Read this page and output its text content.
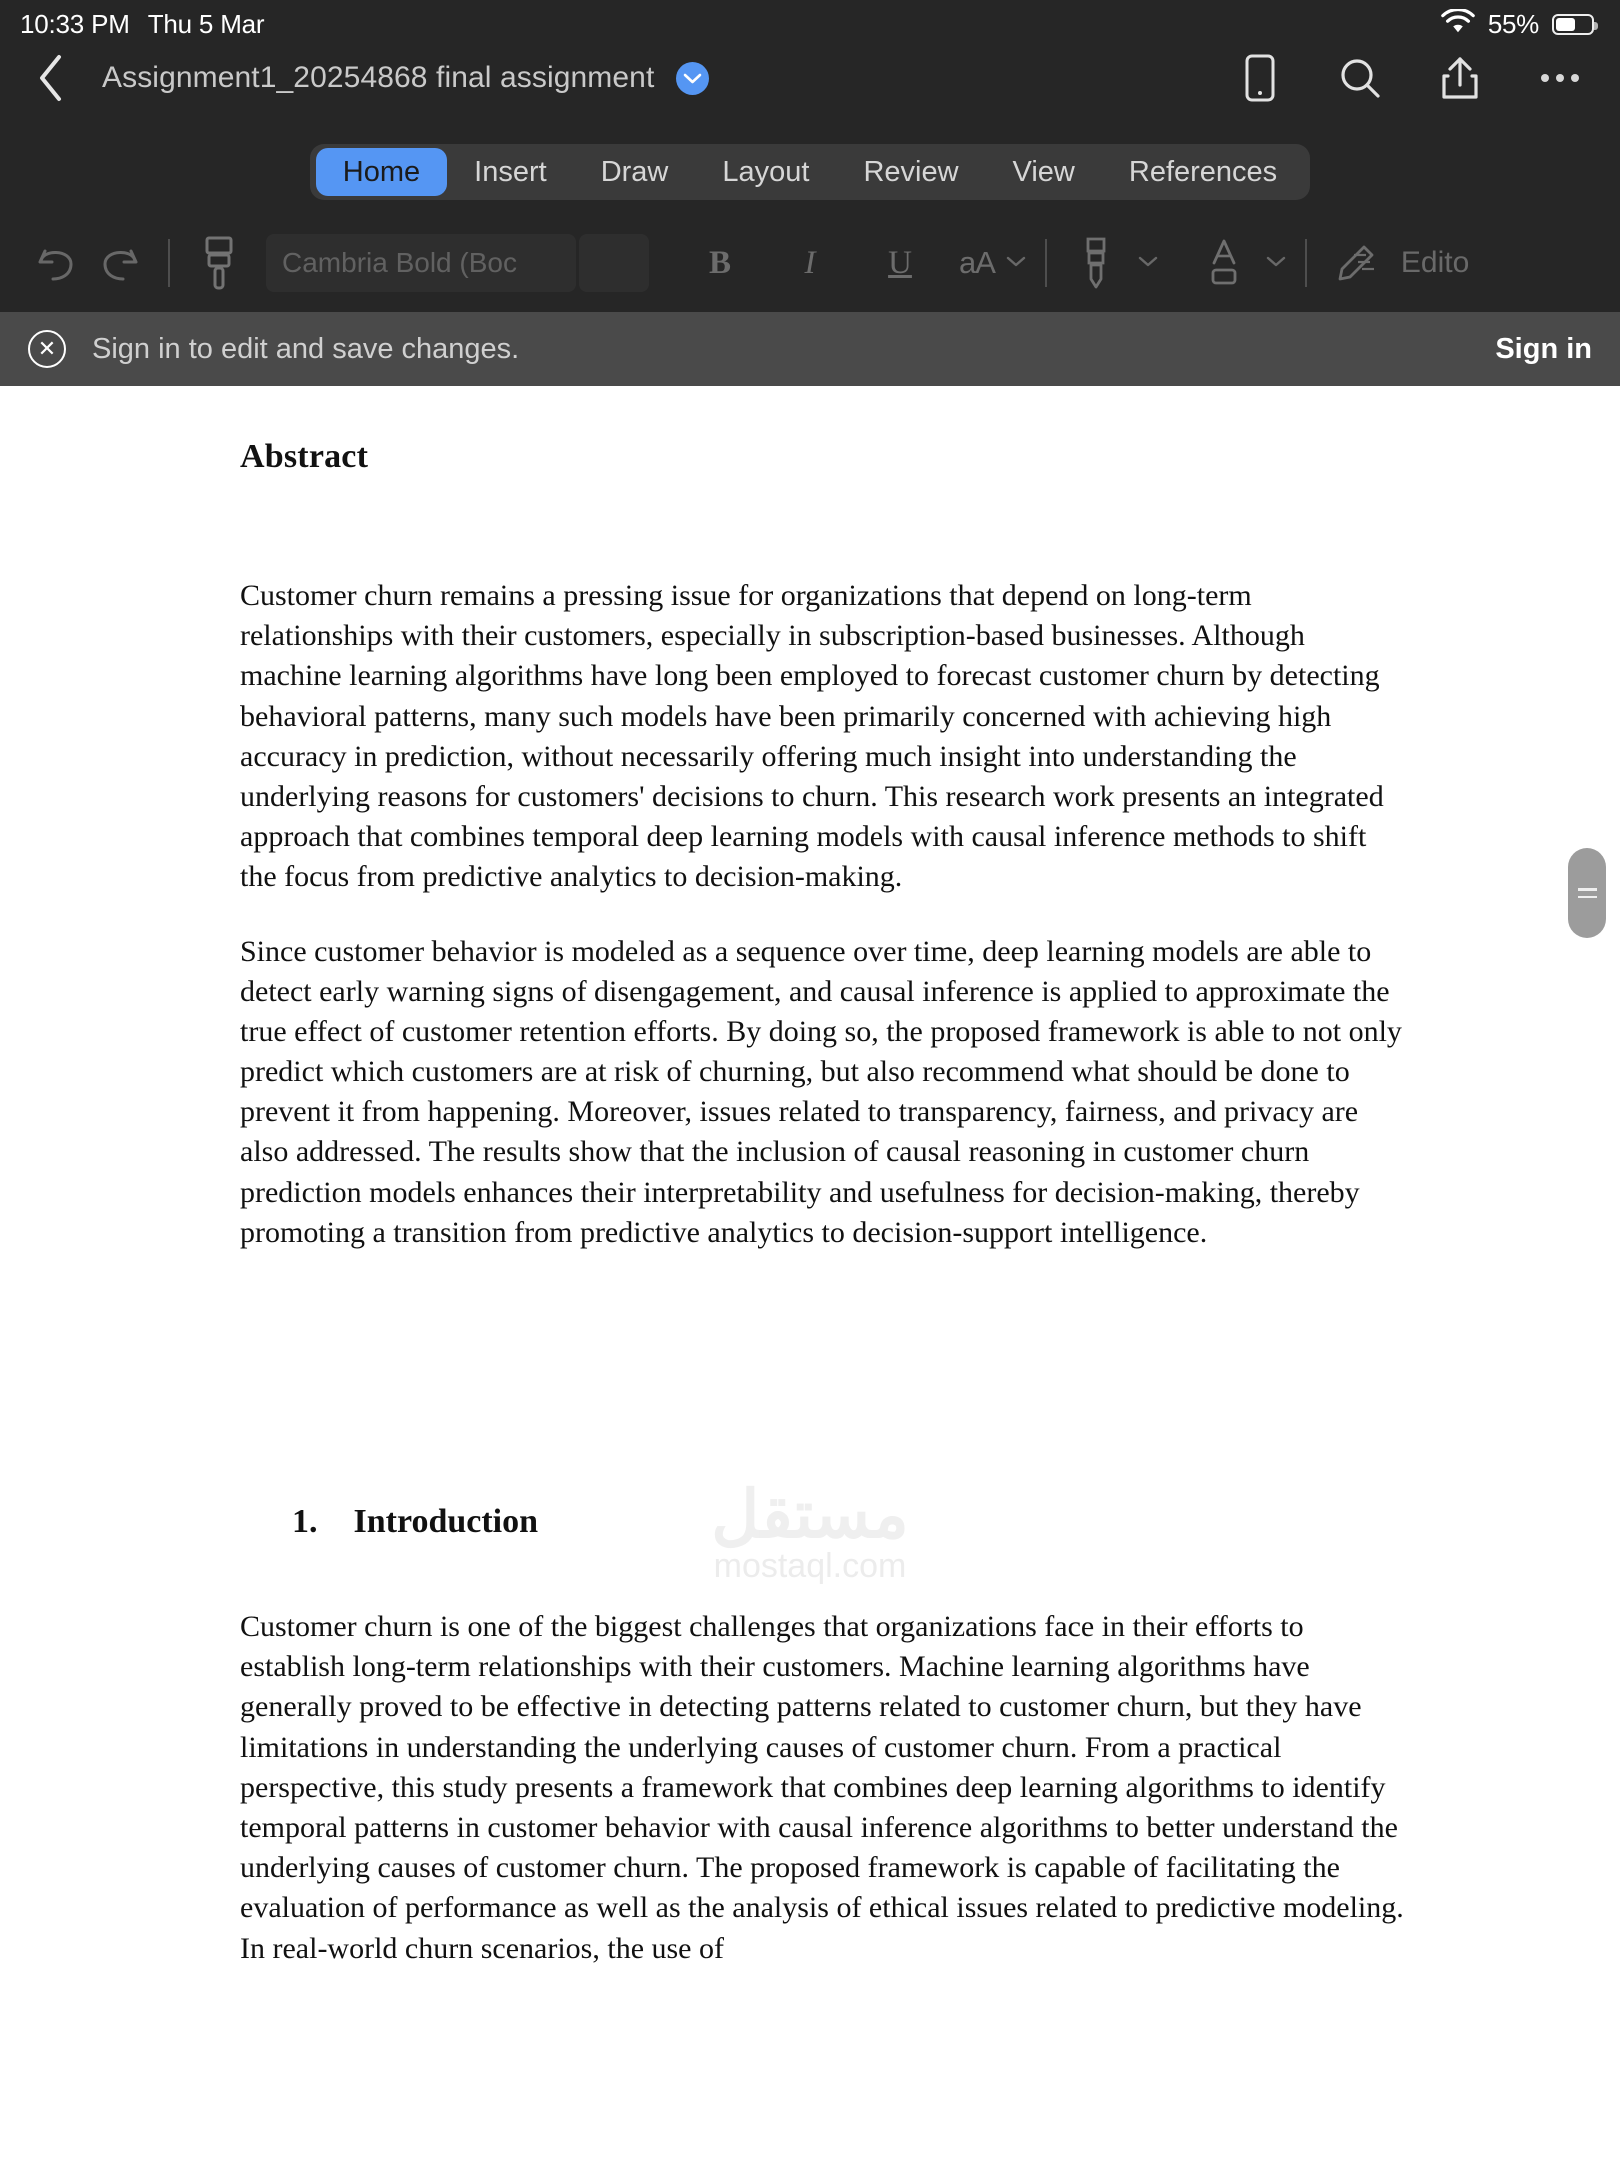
10:33 PM Thu 5 Mar	55%
Assignment1_20254868 final assignment
Home	Insert	Draw	Layout	Review	View	References
Cambria Bold (Boc	B I U aA	Edito
✕	Sign in to edit and save changes.	Sign in
Abstract

Customer churn remains a pressing issue for organizations that depend on long-term relationships with their customers, especially in subscription-based businesses. Although machine learning algorithms have long been employed to forecast customer churn by detecting behavioral patterns, many such models have been primarily concerned with achieving high accuracy in prediction, without necessarily offering much insight into understanding the underlying reasons for customers' decisions to churn. This research work presents an integrated approach that combines temporal deep learning models with causal inference methods to shift the focus from predictive analytics to decision-making.

Since customer behavior is modeled as a sequence over time, deep learning models are able to detect early warning signs of disengagement, and causal inference is applied to approximate the true effect of customer retention efforts. By doing so, the proposed framework is able to not only predict which customers are at risk of churning, but also recommend what should be done to prevent it from happening. Moreover, issues related to transparency, fairness, and privacy are also addressed. The results show that the inclusion of causal reasoning in customer churn prediction models enhances their interpretability and usefulness for decision-making, thereby promoting a transition from predictive analytics to decision-support intelligence.

1. Introduction

Customer churn is one of the biggest challenges that organizations face in their efforts to establish long-term relationships with their customers. Machine learning algorithms have generally proved to be effective in detecting patterns related to customer churn, but they have limitations in understanding the underlying causes of customer churn. From a practical perspective, this study presents a framework that combines deep learning algorithms to identify temporal patterns in customer behavior with causal inference algorithms to better understand the underlying causes of customer churn. The proposed framework is capable of facilitating the evaluation of performance as well as the analysis of ethical issues related to predictive modeling. In real-world churn scenarios, the use of

مستقل
mostaql.com
